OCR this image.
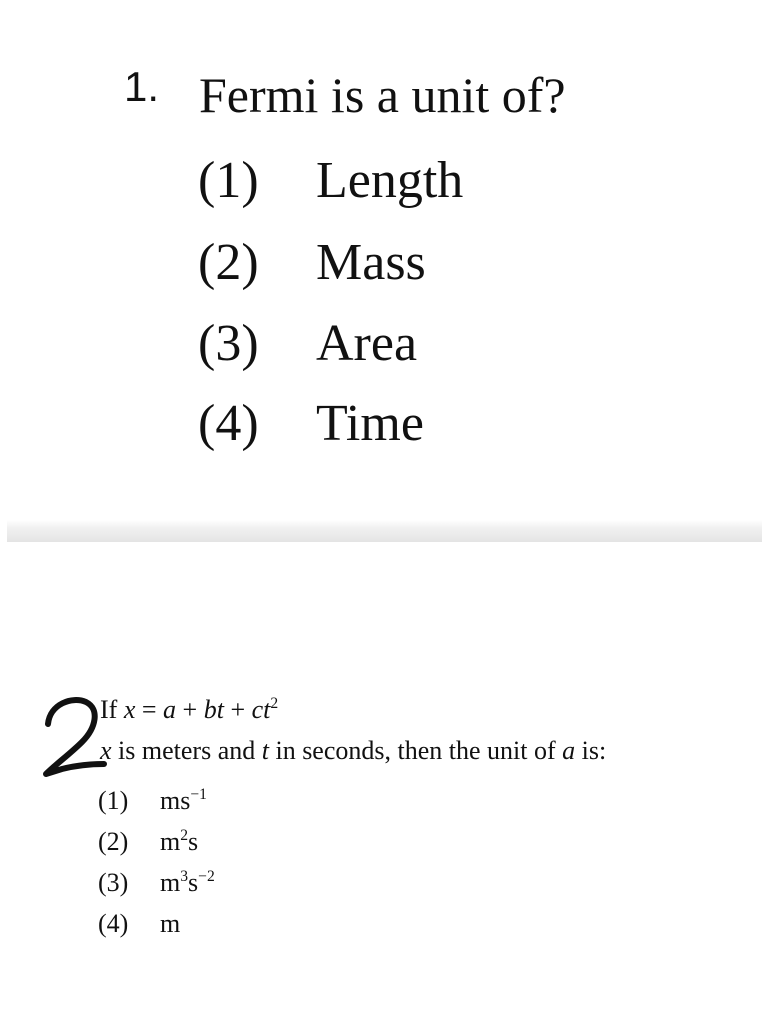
1. Fermi is a unit of?
(1) Length
(2) Mass
(3) Area
(4) Time
If x = a + bt + $ct^2$
x is meters and t in seconds, then the unit of a is:
(1) $ms^{-1}$
(2) $m^2s$
(3) $m^3s^{-2}$
(4) m
